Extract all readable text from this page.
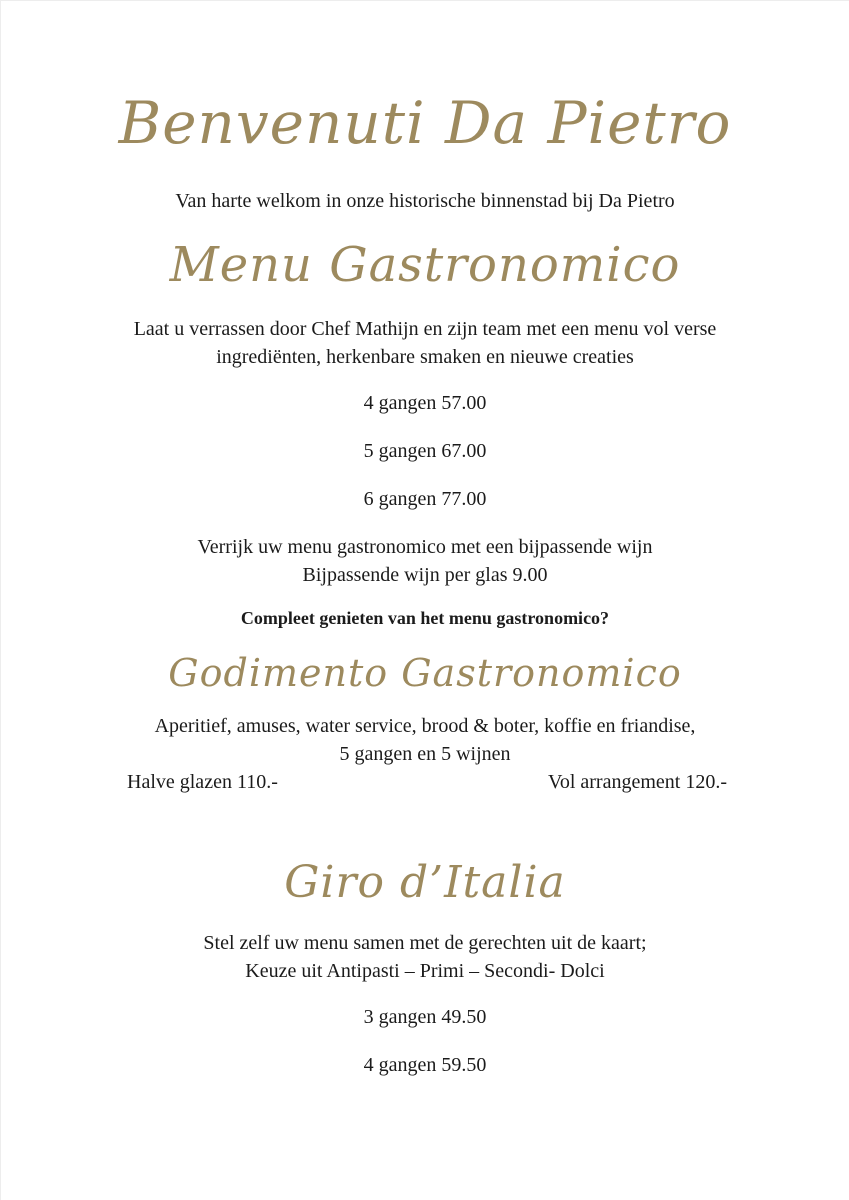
Benvenuti Da Pietro

Van harte welkom in onze historische binnenstad bij Da Pietro

Menu Gastronomico

Laat u verrassen door Chef Mathijn en zijn team met een menu vol verse

ingrediënten, herkenbare smaken en nieuwe creaties

4 gangen 57.00

5 gangen 67.00

6 gangen 77.00

Verrijk uw menu gastronomico met een bijpassende wijn

Bijpassende wijn per glas 9.00

Compleet genieten van het menu gastronomico?

Godimento Gastronomico

Aperitief, amuses, water service, brood & boter, koffie en friandise,

5 gangen en 5 wijnen

Halve glazen 110.-	Vol arrangement 120.-
Giro d’Italia

Stel zelf uw menu samen met de gerechten uit de kaart;

Keuze uit Antipasti – Primi – Secondi- Dolci

3 gangen 49.50

4 gangen 59.50
